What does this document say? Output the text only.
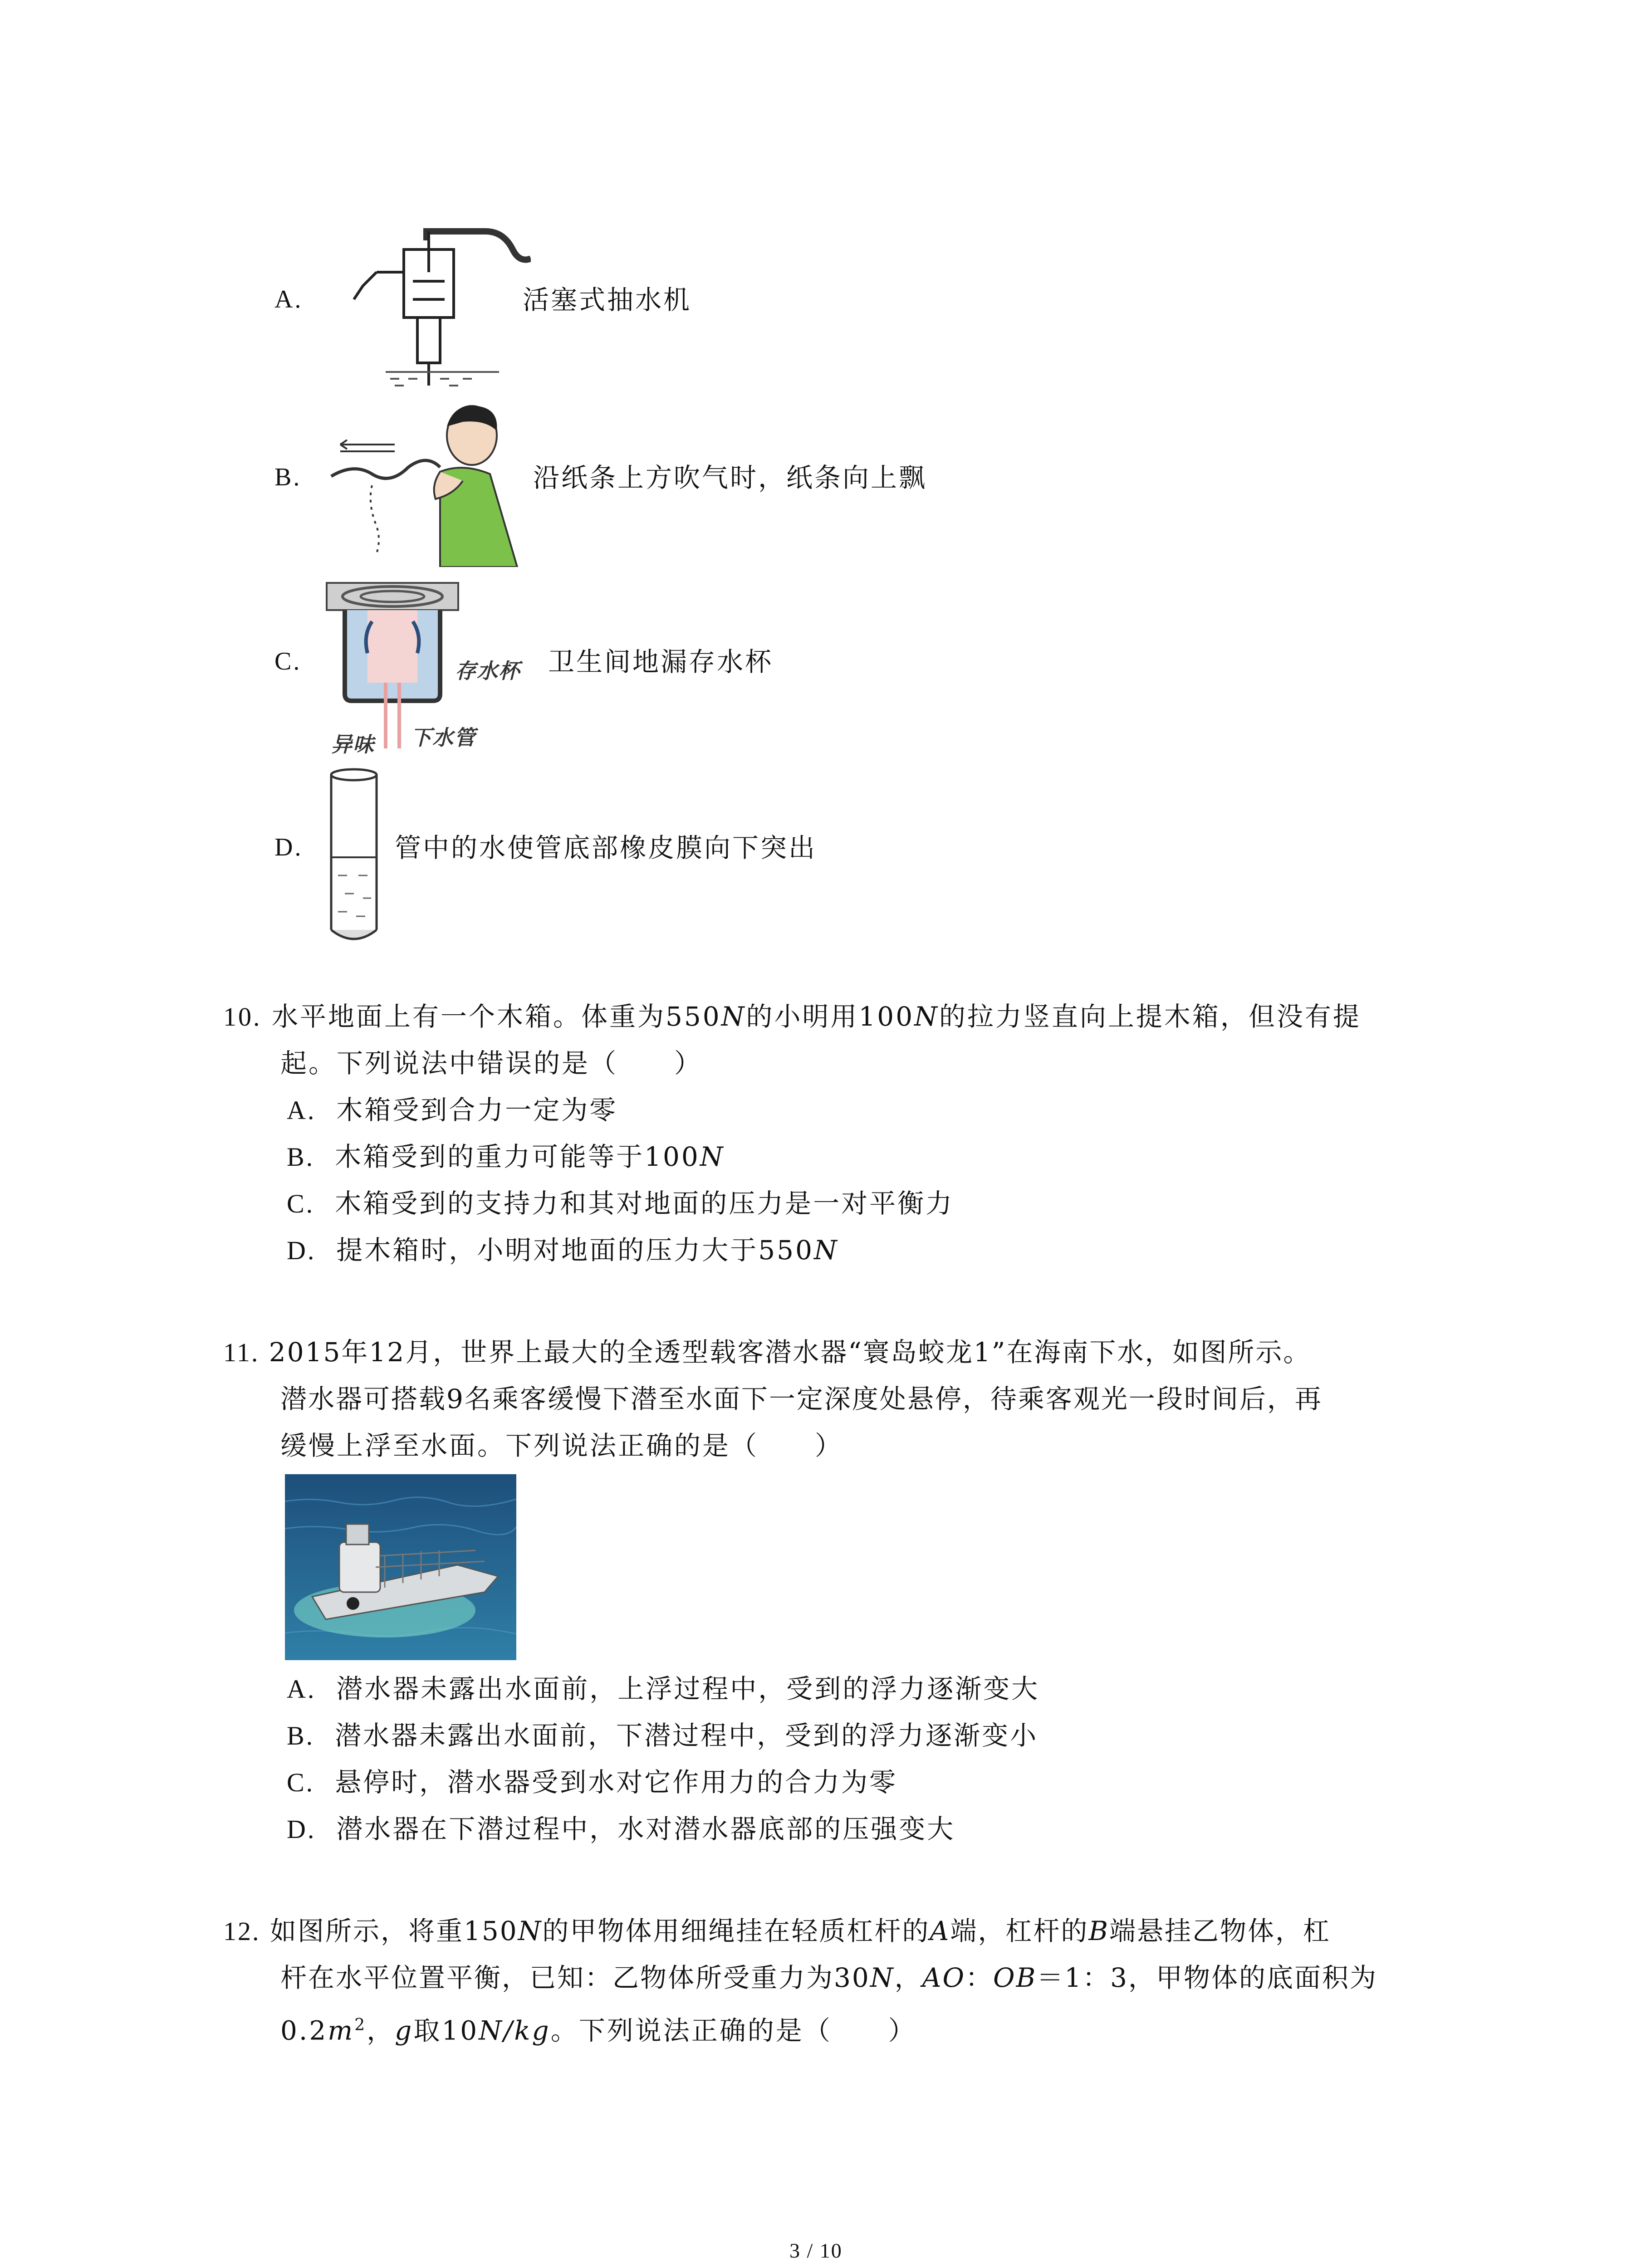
A.	活塞式抽水机
B.	沿纸条上方吹气时，纸条向上飘
C.	存水杯
异味 下水管
卫生间地漏存水杯
D.	管中的水使管底部橡皮膜向下突出
10. 水平地面上有一个木箱。体重为550N的小明用100N的拉力竖直向上提木箱，但没有提
起。下列说法中错误的是（　　）
A. 木箱受到合力一定为零
B. 木箱受到的重力可能等于100N
C. 木箱受到的支持力和其对地面的压力是一对平衡力
D. 提木箱时，小明对地面的压力大于550N
11. 2015年12月，世界上最大的全透型载客潜水器“寰岛蛟龙1”在海南下水，如图所示。
潜水器可搭载9名乘客缓慢下潜至水面下一定深度处悬停，待乘客观光一段时间后，再
缓慢上浮至水面。下列说法正确的是（　　）
A. 潜水器未露出水面前，上浮过程中，受到的浮力逐渐变大
B. 潜水器未露出水面前，下潜过程中，受到的浮力逐渐变小
C. 悬停时，潜水器受到水对它作用力的合力为零
D. 潜水器在下潜过程中，水对潜水器底部的压强变大
12. 如图所示，将重150N的甲物体用细绳挂在轻质杠杆的A端，杠杆的B端悬挂乙物体，杠
杆在水平位置平衡，已知：乙物体所受重力为30N，AO：OB＝1：3，甲物体的底面积为
$0.2m^2$，g取10N/kg。下列说法正确的是（　　）
3 / 10
